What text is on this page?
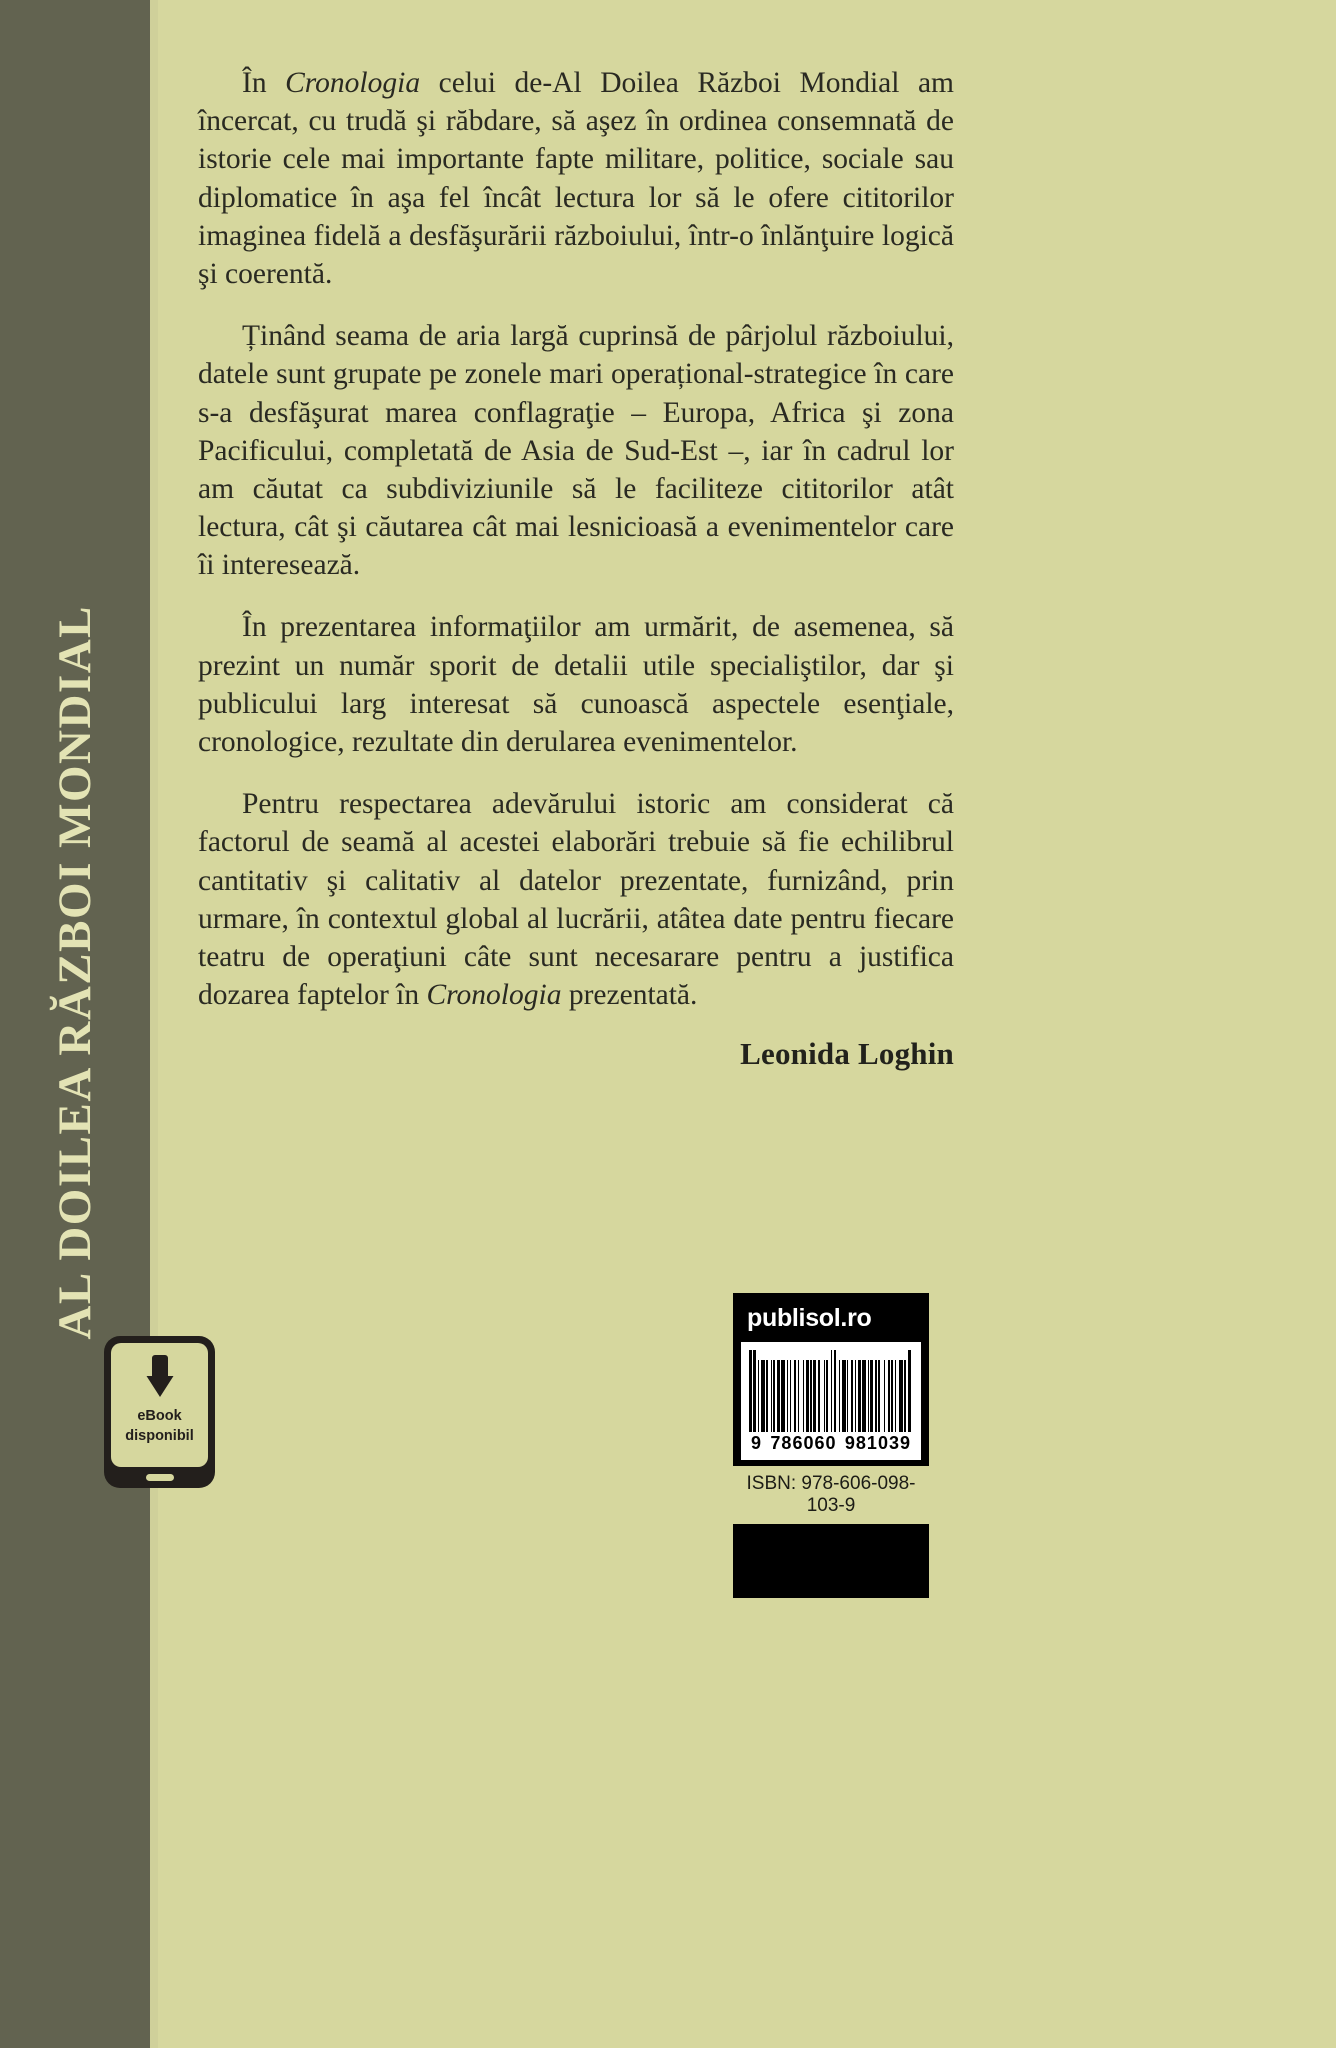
AL DOILEA RĂZBOI MONDIAL

În Cronologia celui de-Al Doilea Război Mondial am încercat, cu trudă şi răbdare, să aşez în ordinea consemnată de istorie cele mai importante fapte militare, politice, sociale sau diplomatice în aşa fel încât lectura lor să le ofere cititorilor imaginea fidelă a desfăşurării războiului, într-o înlănţuire logică şi coerentă.

Ținând seama de aria largă cuprinsă de pârjolul războiului, datele sunt grupate pe zonele mari operațional-strategice în care s-a desfăşurat marea conflagraţie – Europa, Africa şi zona Pacificului, completată de Asia de Sud-Est –, iar în cadrul lor am căutat ca subdiviziunile să le faciliteze cititorilor atât lectura, cât şi căutarea cât mai lesnicioasă a evenimentelor care îi interesează.

În prezentarea informaţiilor am urmărit, de asemenea, să prezint un număr sporit de detalii utile specialiştilor, dar şi publicului larg interesat să cunoască aspectele esenţiale, cronologice, rezultate din derularea evenimentelor.

Pentru respectarea adevărului istoric am considerat că factorul de seamă al acestei elaborări trebuie să fie echilibrul cantitativ şi calitativ al datelor prezentate, furnizând, prin urmare, în contextul global al lucrării, atâtea date pentru fiecare teatru de operaţiuni câte sunt necesarare pentru a justifica dozarea faptelor în Cronologia prezentată.

Leonida Loghin
eBook
disponibil
publisol.ro
9 786060 981039
ISBN: 978-606-098-103-9
